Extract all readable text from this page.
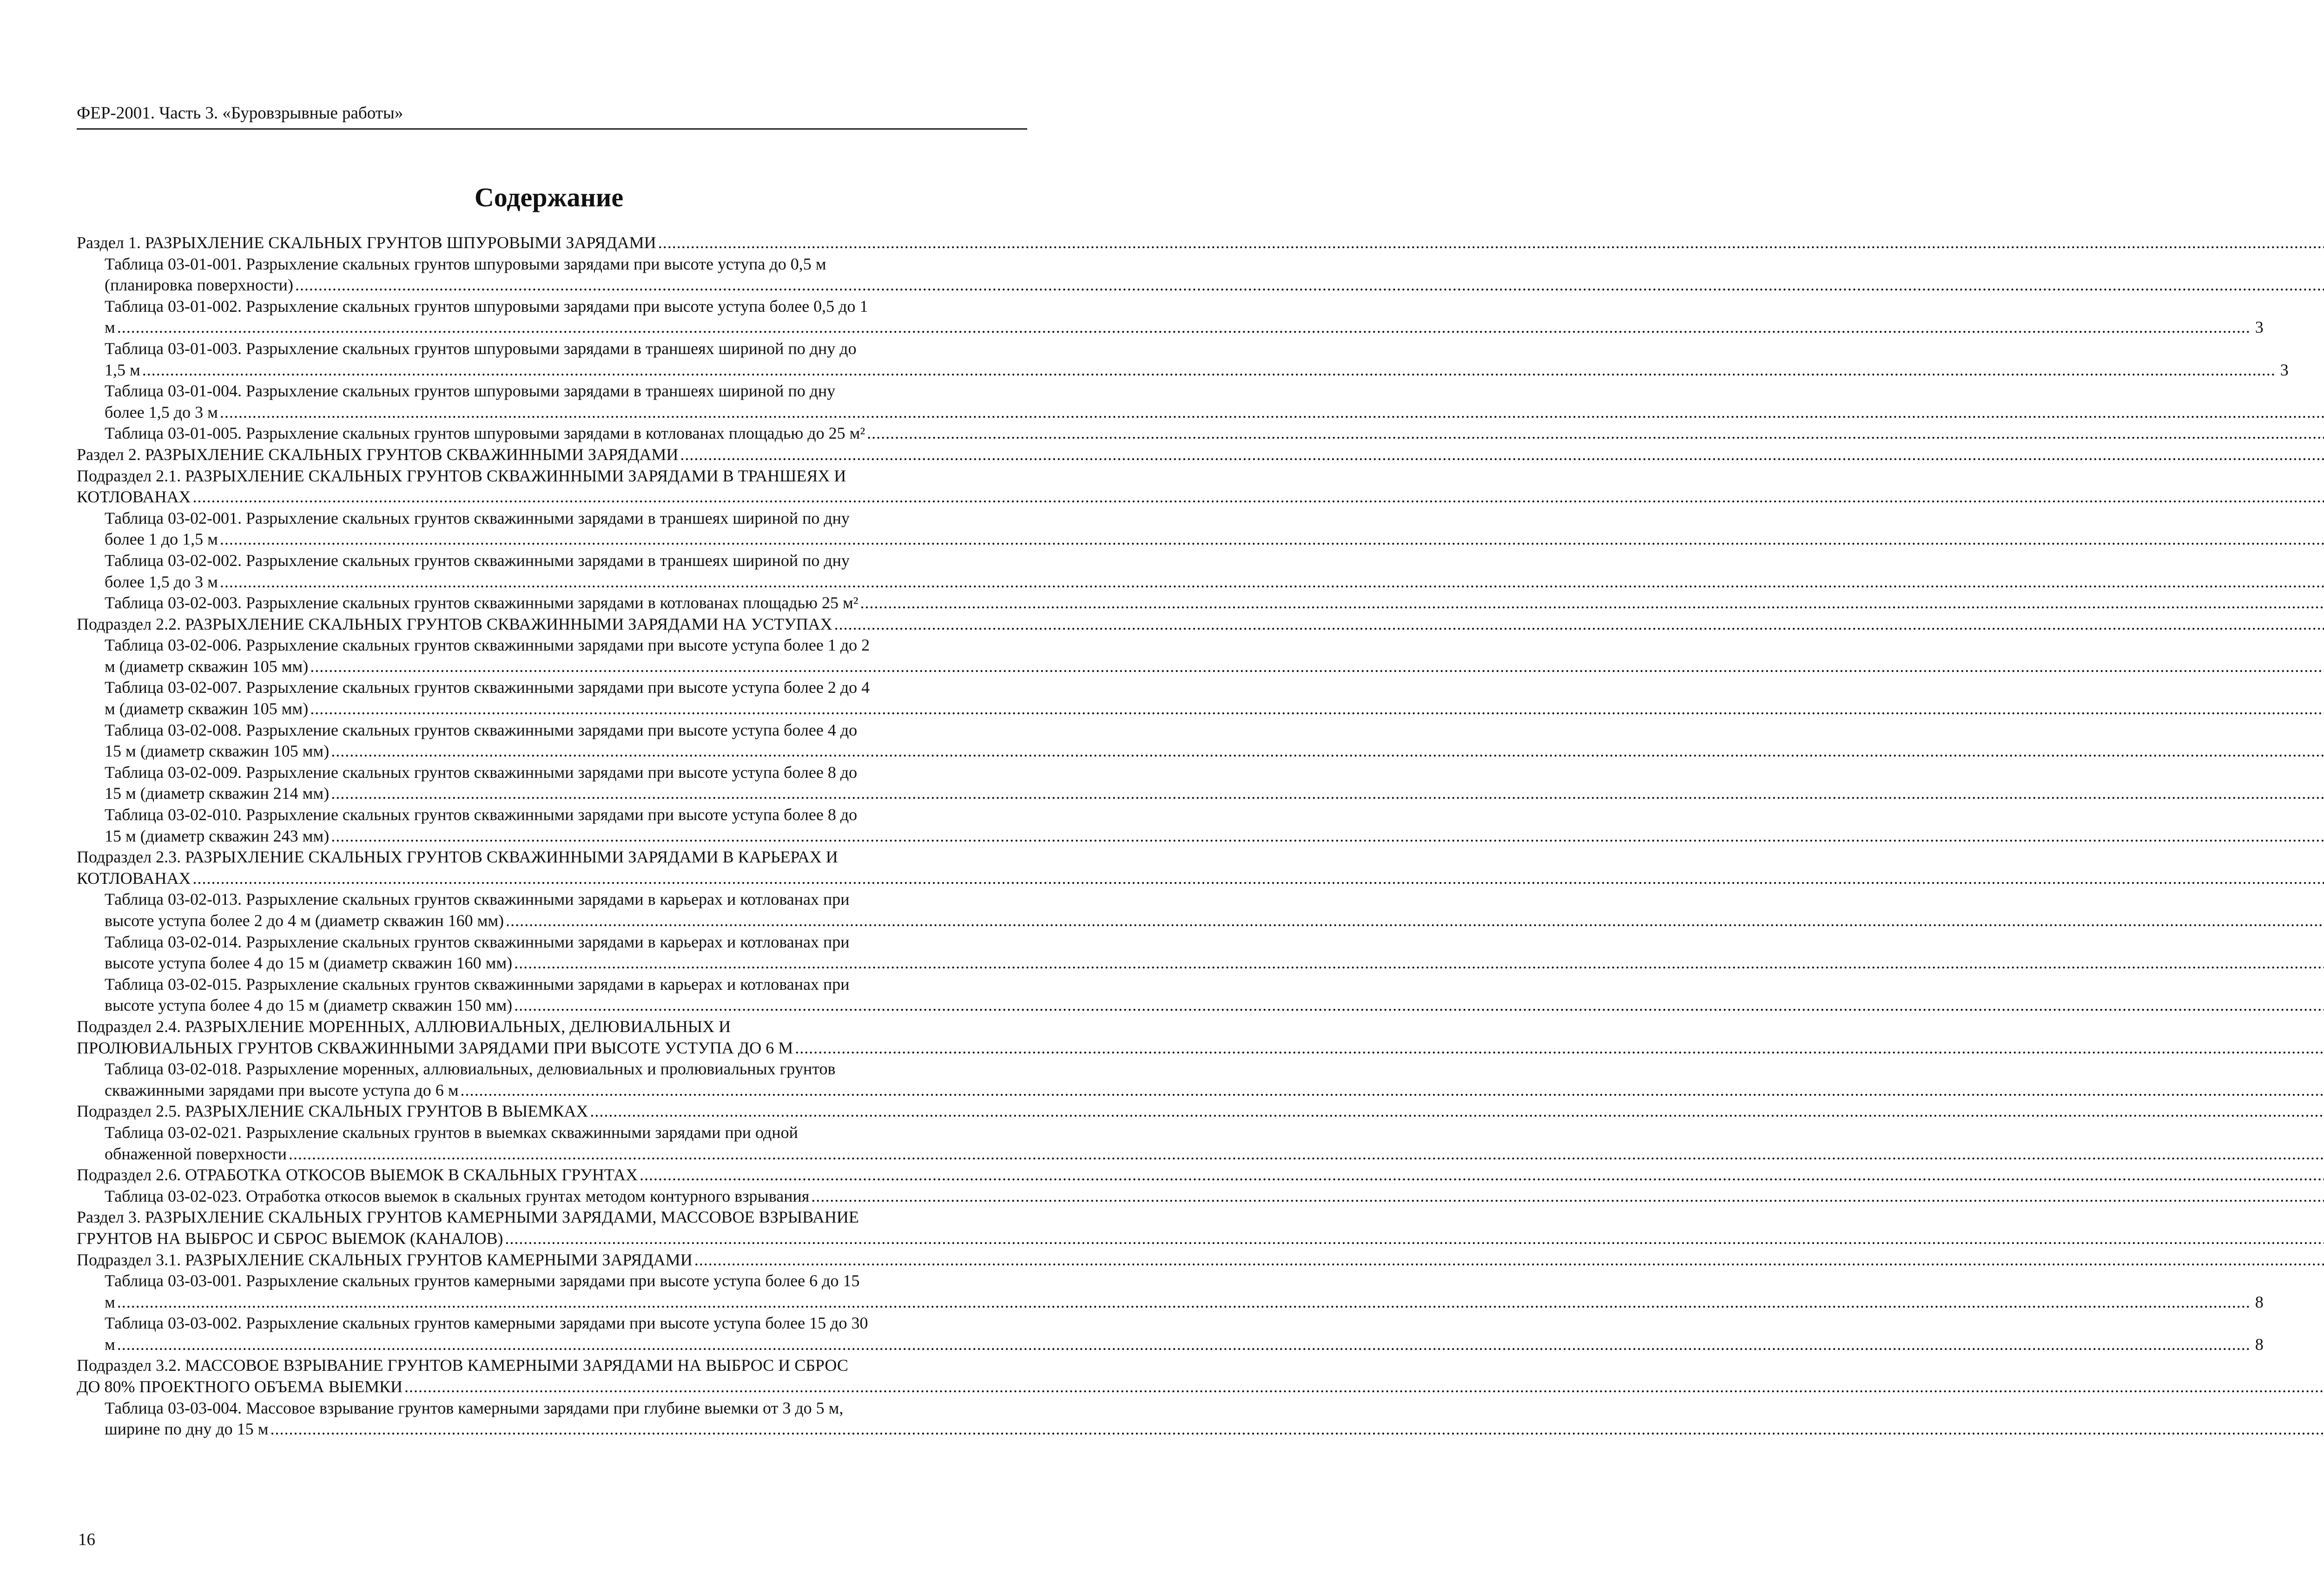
ФЕР-2001. Часть 3. «Буровзрывные работы»
Содержание
Раздел 1. РАЗРЫХЛЕНИЕ СКАЛЬНЫХ ГРУНТОВ ШПУРОВЫМИ ЗАРЯДАМИ
.....
Таблица 03-01-001. Разрыхление скальных грунтов шпуровыми зарядами при высоте уступа до 0,5 м
(планировка поверхности)
.....
Таблица 03-01-002. Разрыхление скальных грунтов шпуровыми зарядами при высоте уступа более 0,5 до 1
м .....	3
Таблица 03-01-003. Разрыхление скальных грунтов шпуровыми зарядами в траншеях шириной по дну до
1,5 м .....	3
Таблица 03-01-004. Разрыхление скальных грунтов шпуровыми зарядами в траншеях шириной по дну
более 1,5 до 3 м
.....
Таблица 03-01-005. Разрыхление скальных грунтов шпуровыми зарядами в котлованах площадью до 25 м²
.....
Раздел 2. РАЗРЫХЛЕНИЕ СКАЛЬНЫХ ГРУНТОВ СКВАЖИННЫМИ ЗАРЯДАМИ
.....
Подраздел 2.1. РАЗРЫХЛЕНИЕ СКАЛЬНЫХ ГРУНТОВ СКВАЖИННЫМИ ЗАРЯДАМИ В ТРАНШЕЯХ И
КОТЛОВАНАХ
.....
Таблица 03-02-001. Разрыхление скальных грунтов скважинными зарядами в траншеях шириной по дну
более 1 до 1,5 м
.....
Таблица 03-02-002. Разрыхление скальных грунтов скважинными зарядами в траншеях шириной по дну
более 1,5 до 3 м
.....
Таблица 03-02-003. Разрыхление скальных грунтов скважинными зарядами в котлованах площадью 25 м²
.....
Подраздел 2.2. РАЗРЫХЛЕНИЕ СКАЛЬНЫХ ГРУНТОВ СКВАЖИННЫМИ ЗАРЯДАМИ НА УСТУПАХ
.....
Таблица 03-02-006. Разрыхление скальных грунтов скважинными зарядами при высоте уступа более 1 до 2
м (диаметр скважин 105 мм)
.....
Таблица 03-02-007. Разрыхление скальных грунтов скважинными зарядами при высоте уступа более 2 до 4
м (диаметр скважин 105 мм)
.....
Таблица 03-02-008. Разрыхление скальных грунтов скважинными зарядами при высоте уступа более 4 до
15 м (диаметр скважин 105 мм)
.....
Таблица 03-02-009. Разрыхление скальных грунтов скважинными зарядами при высоте уступа более 8 до
15 м (диаметр скважин 214 мм)
.....
Таблица 03-02-010. Разрыхление скальных грунтов скважинными зарядами при высоте уступа более 8 до
15 м (диаметр скважин 243 мм)
.....
Подраздел 2.3. РАЗРЫХЛЕНИЕ СКАЛЬНЫХ ГРУНТОВ СКВАЖИННЫМИ ЗАРЯДАМИ В КАРЬЕРАХ И
КОТЛОВАНАХ
.....
Таблица 03-02-013. Разрыхление скальных грунтов скважинными зарядами в карьерах и котлованах при
высоте уступа более 2 до 4 м (диаметр скважин 160 мм)
.....
Таблица 03-02-014. Разрыхление скальных грунтов скважинными зарядами в карьерах и котлованах при
высоте уступа более 4 до 15 м (диаметр скважин 160 мм)
.....
Таблица 03-02-015. Разрыхление скальных грунтов скважинными зарядами в карьерах и котлованах при
высоте уступа более 4 до 15 м (диаметр скважин 150 мм)
.....
Подраздел 2.4. РАЗРЫХЛЕНИЕ МОРЕННЫХ, АЛЛЮВИАЛЬНЫХ, ДЕЛЮВИАЛЬНЫХ И
ПРОЛЮВИАЛЬНЫХ ГРУНТОВ СКВАЖИННЫМИ ЗАРЯДАМИ ПРИ ВЫСОТЕ УСТУПА ДО 6 М
.....
Таблица 03-02-018. Разрыхление моренных, аллювиальных, делювиальных и пролювиальных грунтов
скважинными зарядами при высоте уступа до 6 м
.....
Подраздел 2.5. РАЗРЫХЛЕНИЕ СКАЛЬНЫХ ГРУНТОВ В ВЫЕМКАХ
.....
Таблица 03-02-021. Разрыхление скальных грунтов в выемках скважинными зарядами при одной
обнаженной поверхности
.....
Подраздел 2.6. ОТРАБОТКА ОТКОСОВ ВЫЕМОК В СКАЛЬНЫХ ГРУНТАХ
.....
Таблица 03-02-023. Отработка откосов выемок в скальных грунтах методом контурного взрывания
.....
Раздел 3. РАЗРЫХЛЕНИЕ СКАЛЬНЫХ ГРУНТОВ КАМЕРНЫМИ ЗАРЯДАМИ, МАССОВОЕ ВЗРЫВАНИЕ
ГРУНТОВ НА ВЫБРОС И СБРОС ВЫЕМОК (КАНАЛОВ)
.....
Подраздел 3.1. РАЗРЫХЛЕНИЕ СКАЛЬНЫХ ГРУНТОВ КАМЕРНЫМИ ЗАРЯДАМИ
.....
Таблица 03-03-001. Разрыхление скальных грунтов камерными зарядами при высоте уступа более 6 до 15
м .....	8
Таблица 03-03-002. Разрыхление скальных грунтов камерными зарядами при высоте уступа более 15 до 30
м .....	8
Подраздел 3.2. МАССОВОЕ ВЗРЫВАНИЕ ГРУНТОВ КАМЕРНЫМИ ЗАРЯДАМИ НА ВЫБРОС И СБРОС
ДО 80% ПРОЕКТНОГО ОБЪЕМА ВЫЕМКИ
.....
Таблица 03-03-004. Массовое взрывание грунтов камерными зарядами при глубине выемки от 3 до 5 м,
ширине по дну до 15 м
.....
16
